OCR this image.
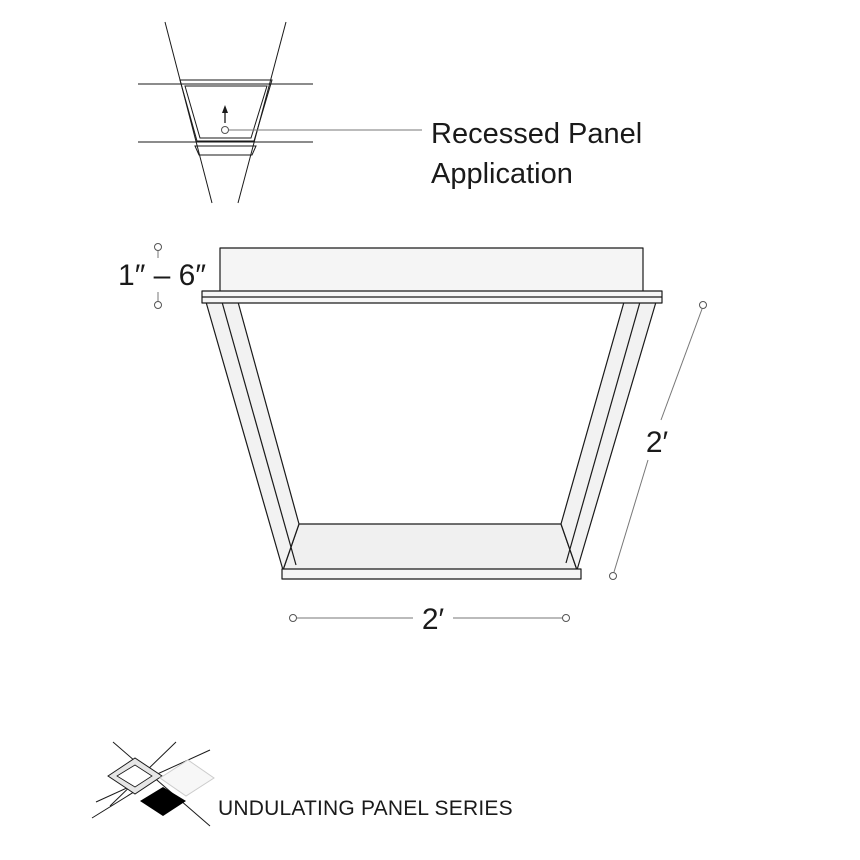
Recessed Panel
Application
1″ – 6″
2′
2′
UNDULATING PANEL SERIES
